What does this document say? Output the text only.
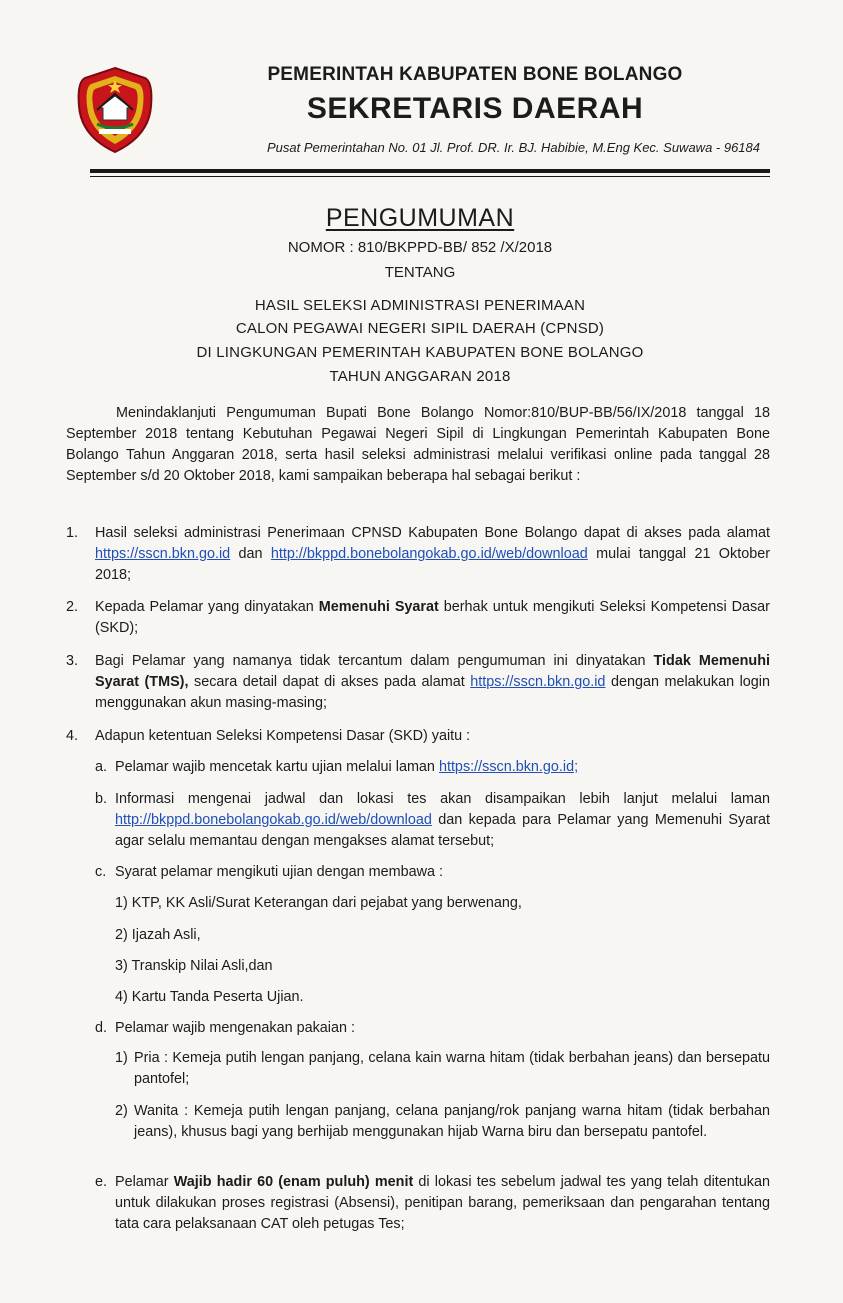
PEMERINTAH KABUPATEN BONE BOLANGO
SEKRETARIS DAERAH
Pusat Pemerintahan No. 01 Jl. Prof. DR. Ir. BJ. Habibie, M.Eng Kec. Suwawa - 96184
PENGUMUMAN
NOMOR : 810/BKPPD-BB/ 852 /X/2018
TENTANG
HASIL SELEKSI ADMINISTRASI PENERIMAAN
CALON PEGAWAI NEGERI SIPIL DAERAH (CPNSD)
DI LINGKUNGAN PEMERINTAH KABUPATEN BONE BOLANGO
TAHUN ANGGARAN 2018
Menindaklanjuti Pengumuman Bupati Bone Bolango Nomor:810/BUP-BB/56/IX/2018 tanggal 18 September 2018 tentang Kebutuhan Pegawai Negeri Sipil di Lingkungan Pemerintah Kabupaten Bone Bolango Tahun Anggaran 2018, serta hasil seleksi administrasi melalui verifikasi online pada tanggal 28 September s/d 20 Oktober 2018, kami sampaikan beberapa hal sebagai berikut :
1. Hasil seleksi administrasi Penerimaan CPNSD Kabupaten Bone Bolango dapat di akses pada alamat https://sscn.bkn.go.id dan http://bkppd.bonebolangokab.go.id/web/download mulai tanggal 21 Oktober 2018;
2. Kepada Pelamar yang dinyatakan Memenuhi Syarat berhak untuk mengikuti Seleksi Kompetensi Dasar (SKD);
3. Bagi Pelamar yang namanya tidak tercantum dalam pengumuman ini dinyatakan Tidak Memenuhi Syarat (TMS), secara detail dapat di akses pada alamat https://sscn.bkn.go.id dengan melakukan login menggunakan akun masing-masing;
4. Adapun ketentuan Seleksi Kompetensi Dasar (SKD) yaitu :
a. Pelamar wajib mencetak kartu ujian melalui laman https://sscn.bkn.go.id;
b. Informasi mengenai jadwal dan lokasi tes akan disampaikan lebih lanjut melalui laman http://bkppd.bonebolangokab.go.id/web/download dan kepada para Pelamar yang Memenuhi Syarat agar selalu memantau dengan mengakses alamat tersebut;
c. Syarat pelamar mengikuti ujian dengan membawa :
1) KTP, KK Asli/Surat Keterangan dari pejabat yang berwenang,
2) Ijazah Asli,
3) Transkip Nilai Asli,dan
4) Kartu Tanda Peserta Ujian.
d. Pelamar wajib mengenakan pakaian :
1) Pria : Kemeja putih lengan panjang, celana kain warna hitam (tidak berbahan jeans) dan bersepatu pantofel;
2) Wanita : Kemeja putih lengan panjang, celana panjang/rok panjang warna hitam (tidak berbahan jeans), khusus bagi yang berhijab menggunakan hijab Warna biru dan bersepatu pantofel.
e. Pelamar Wajib hadir 60 (enam puluh) menit di lokasi tes sebelum jadwal tes yang telah ditentukan untuk dilakukan proses registrasi (Absensi), penitipan barang, pemeriksaan dan pengarahan tentang tata cara pelaksanaan CAT oleh petugas Tes;
